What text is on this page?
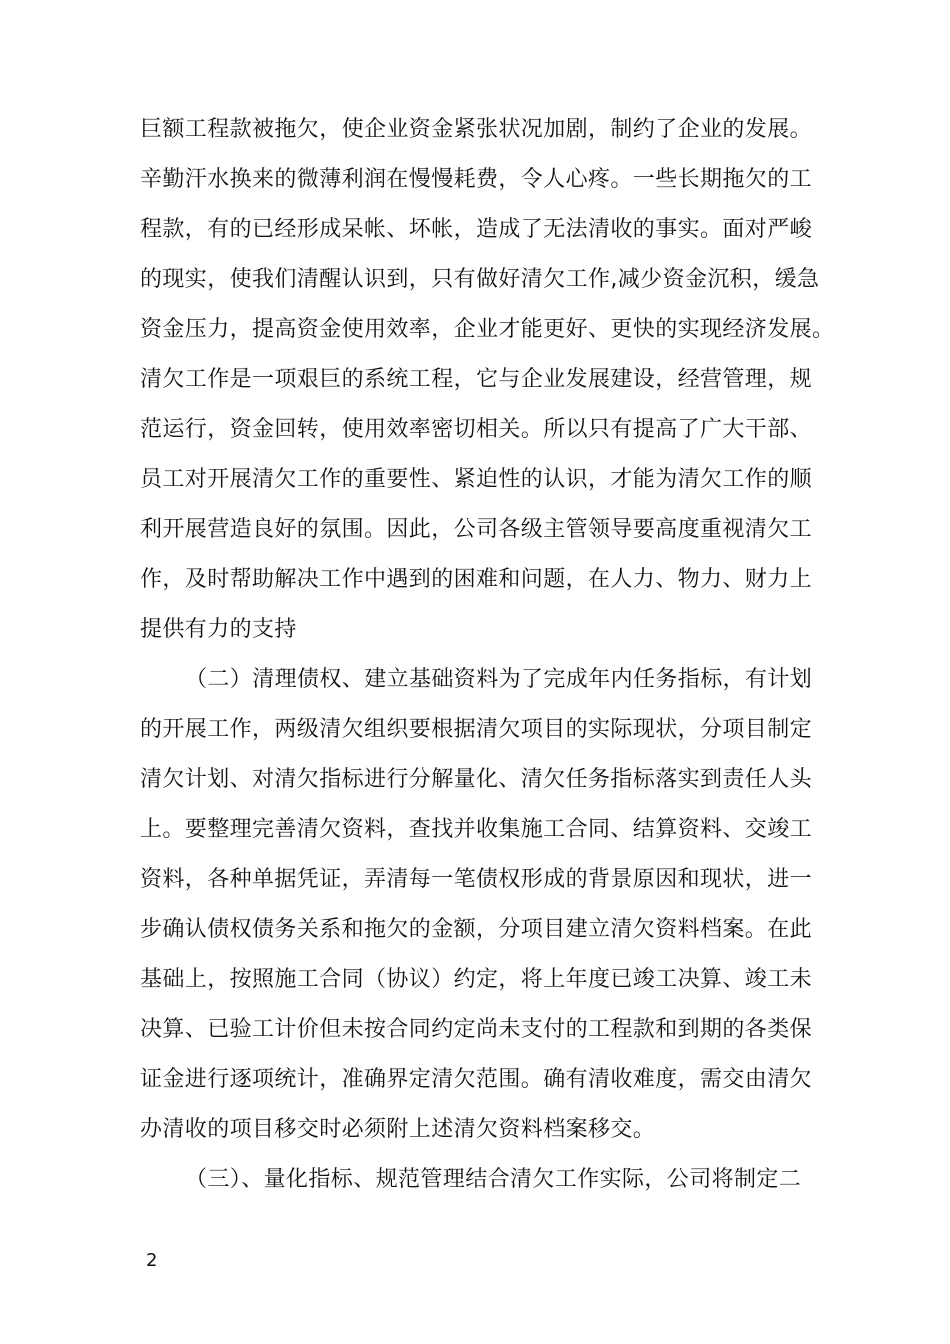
巨额工程款被拖欠，使企业资金紧张状况加剧，制约了企业的发展。
辛勤汗水换来的微薄利润在慢慢耗费，令人心疼。一些长期拖欠的工
程款，有的已经形成呆帐、坏帐，造成了无法清收的事实。面对严峻
的现实，使我们清醒认识到，只有做好清欠工作,减少资金沉积，缓急
资金压力，提高资金使用效率，企业才能更好、更快的实现经济发展。
清欠工作是一项艰巨的系统工程，它与企业发展建设，经营管理，规
范运行，资金回转，使用效率密切相关。所以只有提高了广大干部、
员工对开展清欠工作的重要性、紧迫性的认识，才能为清欠工作的顺
利开展营造良好的氛围。因此，公司各级主管领导要高度重视清欠工
作，及时帮助解决工作中遇到的困难和问题，在人力、物力、财力上
提供有力的支持
（二）清理债权、建立基础资料为了完成年内任务指标，有计划
的开展工作，两级清欠组织要根据清欠项目的实际现状，分项目制定
清欠计划、对清欠指标进行分解量化、清欠任务指标落实到责任人头
上。要整理完善清欠资料，查找并收集施工合同、结算资料、交竣工
资料，各种单据凭证，弄清每一笔债权形成的背景原因和现状，进一
步确认债权债务关系和拖欠的金额，分项目建立清欠资料档案。在此
基础上，按照施工合同（协议）约定，将上年度已竣工决算、竣工未
决算、已验工计价但未按合同约定尚未支付的工程款和到期的各类保
证金进行逐项统计，准确界定清欠范围。确有清收难度，需交由清欠
办清收的项目移交时必须附上述清欠资料档案移交。
（三）、量化指标、规范管理结合清欠工作实际，公司将制定二
2
